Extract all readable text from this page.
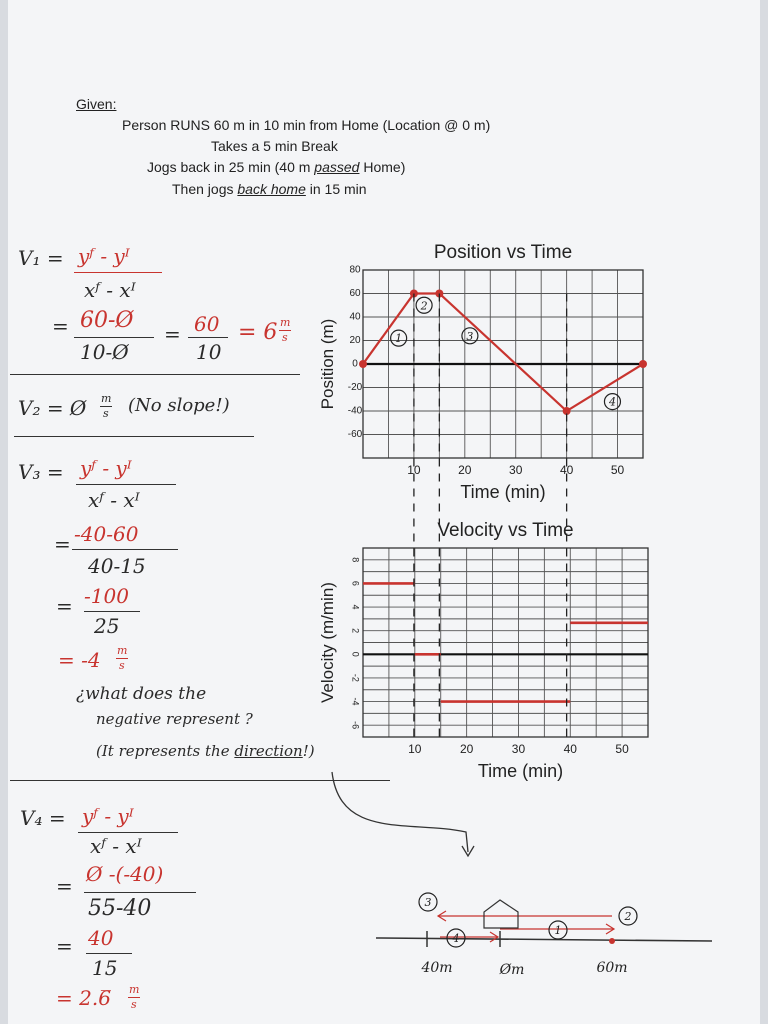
Given:
Person RUNS 60 m in 10 min from Home (Location @ 0 m)
Takes a 5 min Break
Jogs back in 25 min (40 m passed Home)
Then jogs back home in 15 min
V₁ = yᶠ - yᴵ
xᶠ - xᴵ
= 60-Ø
10-Ø
= 60
10
= 6 m
s
V₂ = Ø m
s (No slope!)
V₃ = yᶠ - yᴵ
xᶠ - xᴵ
= -40-60
40-15
= -100
25
= -4 m
s
¿what does the
negative represent ?
(It represents the direction!)
V₄ = yᶠ - yᴵ
xᶠ - xᴵ
= Ø -(-40)
55-40
= 40
15
= 2.6̅ m
s
Position vs Time
10	20	30	40	50
80
60
40
20
0
-20
-40
-60
Time (min)
Position (m)	1
2
3
4
Velocity vs Time
10	20	30	40	50
8
6
4
2
0
-2
-4
-6
Time (min)
Velocity (m/min)
40m	Øm	60m
3
4
1
2
